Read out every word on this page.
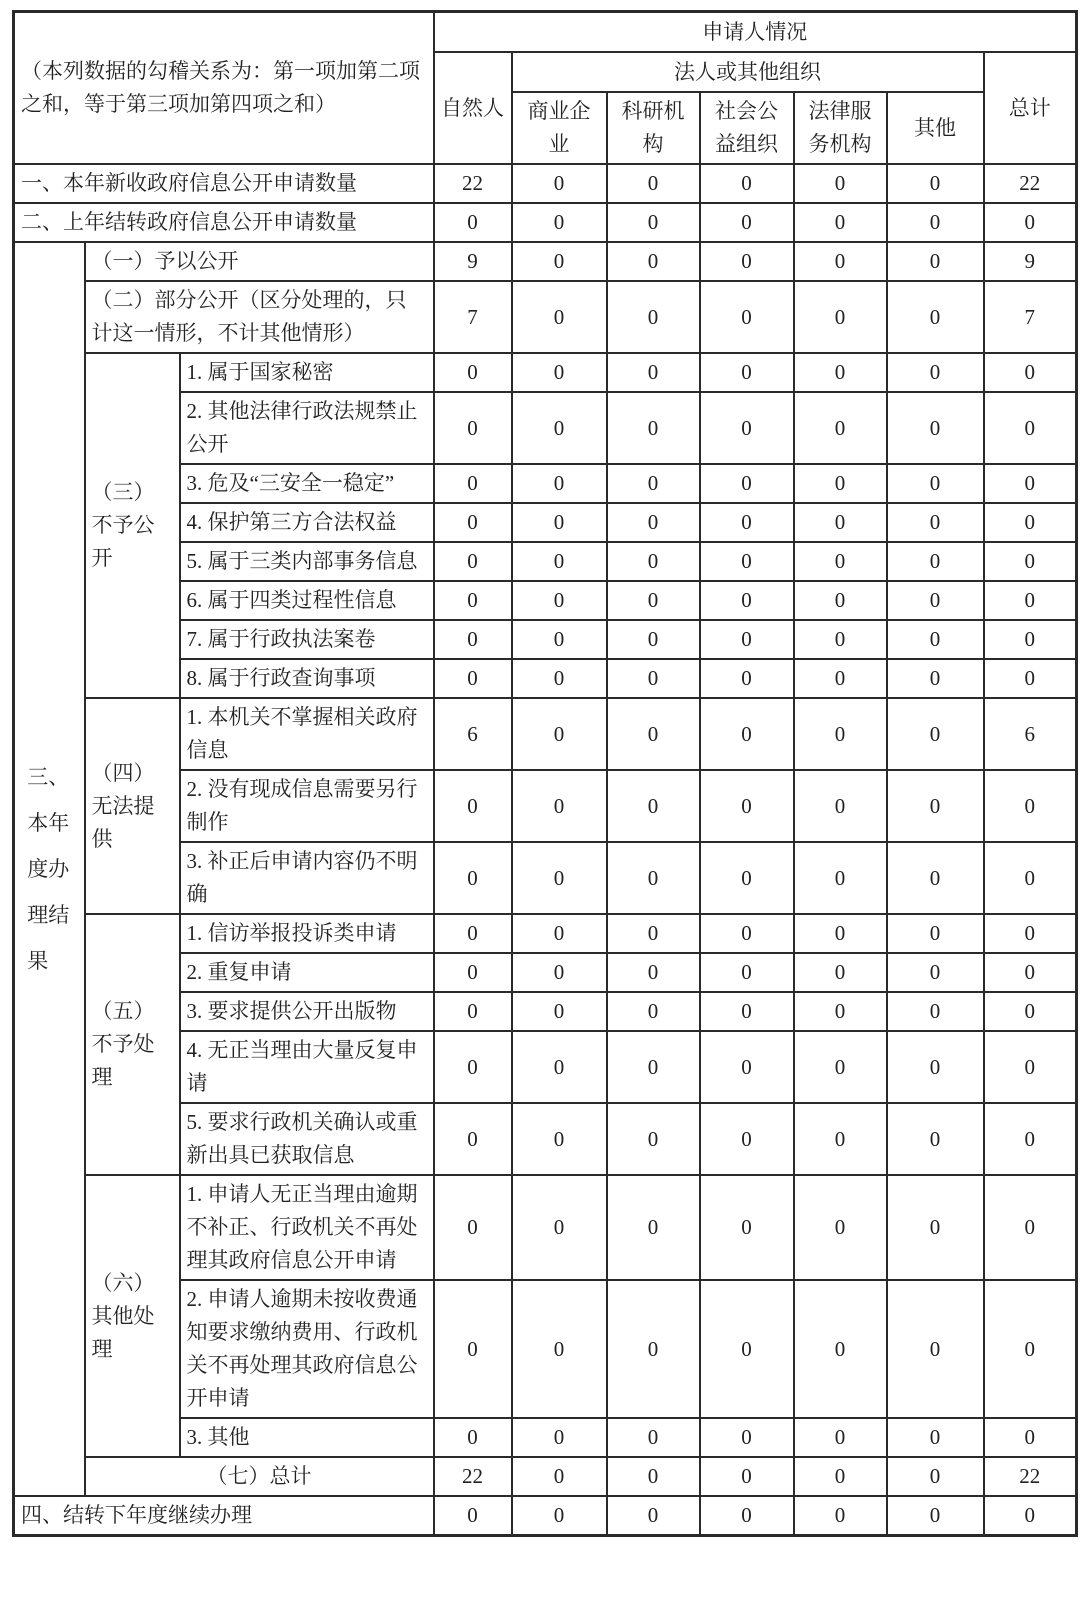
（本列数据的勾稽关系为：第一项加第二项之和，等于第三项加第四项之和）			申请人情况						
			自然人	法人或其他组织					总计
				商业企业	科研机构	社会公益组织	法律服务机构	其他	
一、本年新收政府信息公开申请数量			22	0	0	0	0	0	22
二、上年结转政府信息公开申请数量			0	0	0	0	0	0	0
三、本年度办理结果	（一）予以公开		9	0	0	0	0	0	9
	（二）部分公开（区分处理的，只计这一情形，不计其他情形）		7	0	0	0	0	0	7
	（三）不予公开	1. 属于国家秘密	0	0	0	0	0	0	0
		2. 其他法律行政法规禁止公开	0	0	0	0	0	0	0
		3. 危及“三安全一稳定”	0	0	0	0	0	0	0
		4. 保护第三方合法权益	0	0	0	0	0	0	0
		5. 属于三类内部事务信息	0	0	0	0	0	0	0
		6. 属于四类过程性信息	0	0	0	0	0	0	0
		7. 属于行政执法案卷	0	0	0	0	0	0	0
		8. 属于行政查询事项	0	0	0	0	0	0	0
	（四）无法提供	1. 本机关不掌握相关政府信息	6	0	0	0	0	0	6
		2. 没有现成信息需要另行制作	0	0	0	0	0	0	0
		3. 补正后申请内容仍不明确	0	0	0	0	0	0	0
	（五）不予处理	1. 信访举报投诉类申请	0	0	0	0	0	0	0
		2. 重复申请	0	0	0	0	0	0	0
		3. 要求提供公开出版物	0	0	0	0	0	0	0
		4. 无正当理由大量反复申请	0	0	0	0	0	0	0
		5. 要求行政机关确认或重新出具已获取信息	0	0	0	0	0	0	0
	（六）其他处理	1. 申请人无正当理由逾期不补正、行政机关不再处理其政府信息公开申请	0	0	0	0	0	0	0
		2. 申请人逾期未按收费通知要求缴纳费用、行政机关不再处理其政府信息公开申请	0	0	0	0	0	0	0
		3. 其他	0	0	0	0	0	0	0
	（七）总计		22	0	0	0	0	0	22
四、结转下年度继续办理			0	0	0	0	0	0	0
